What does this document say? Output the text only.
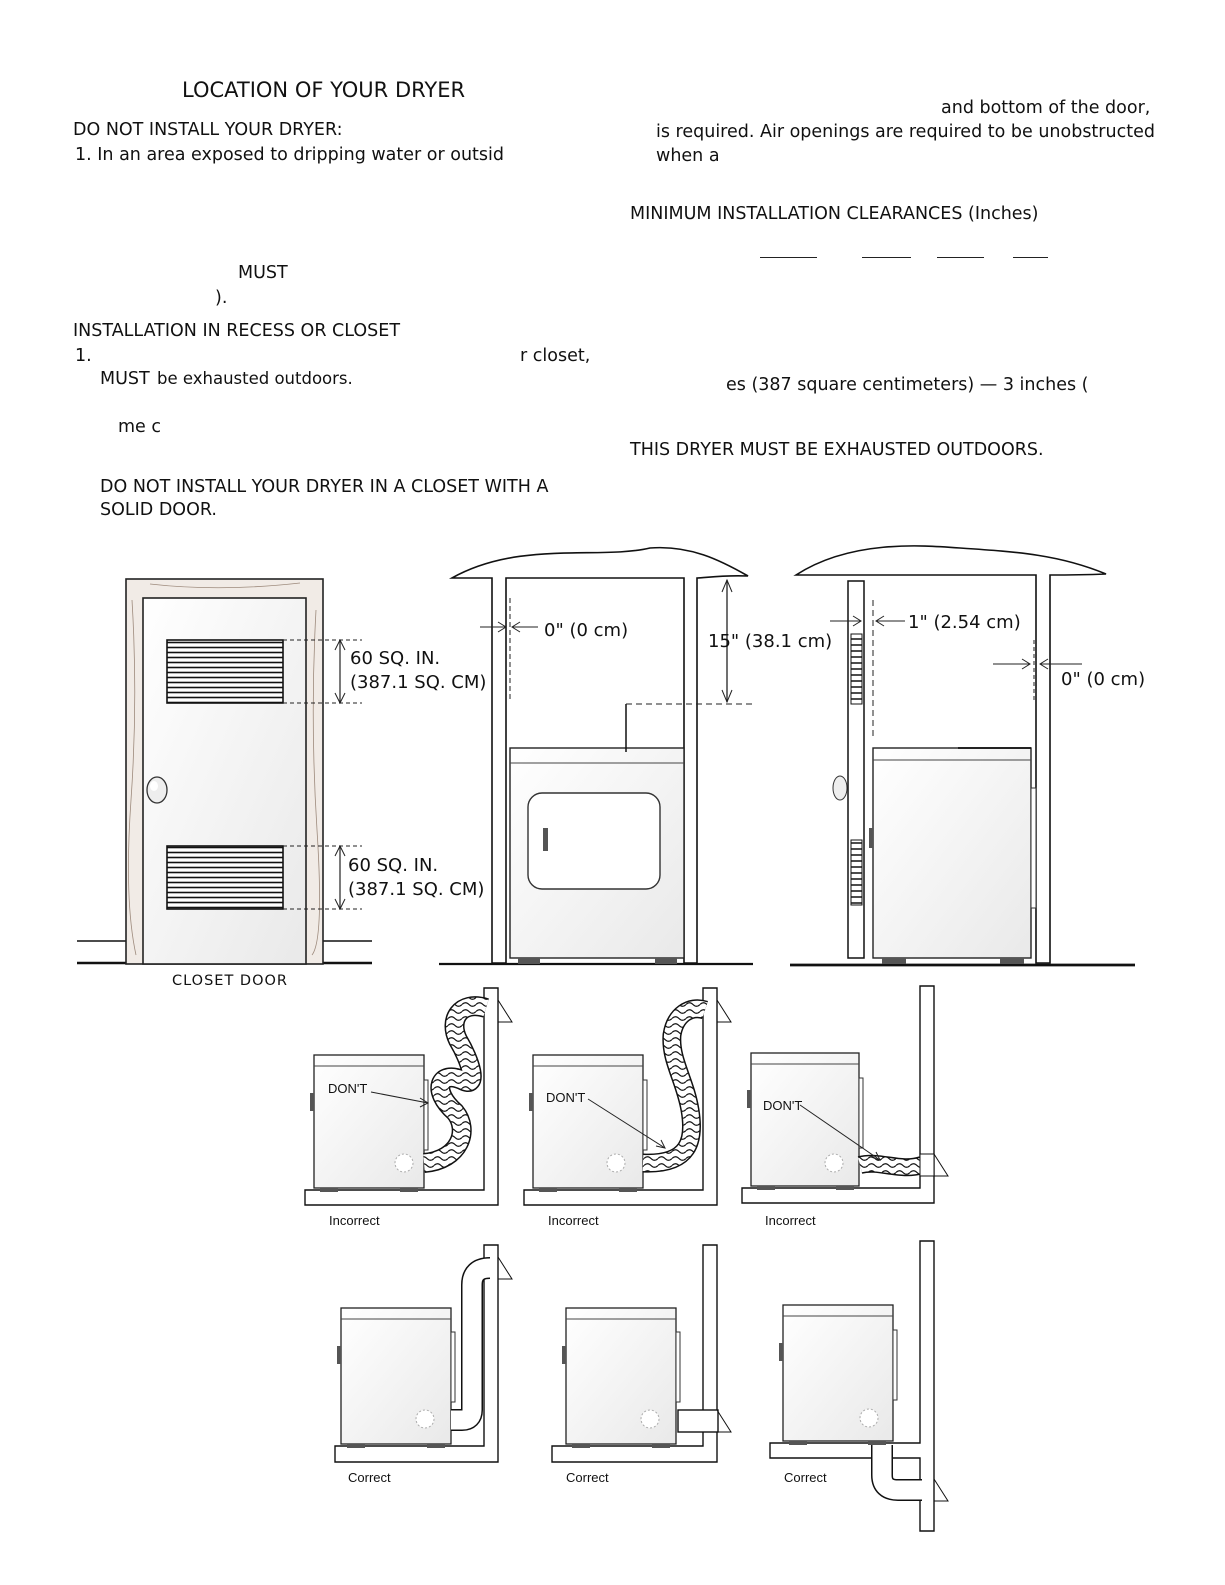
LOCATION OF YOUR DRYER
DO NOT INSTALL YOUR DRYER:
1. In an area exposed to dripping water or outsid
MUST
).
INSTALLATION IN RECESS OR CLOSET
1.	r closet,
MUST be exhausted outdoors.
me c
DO NOT INSTALL YOUR DRYER IN A CLOSET WITH A
SOLID DOOR.
and bottom of the door,
is required. Air openings are required to be unobstructed
when a
MINIMUM INSTALLATION CLEARANCES (Inches)
es (387 square centimeters) — 3 inches (
THIS DRYER MUST BE EXHAUSTED OUTDOORS.
60 SQ. IN.
(387.1 SQ. CM)
60 SQ. IN.
(387.1 SQ. CM)
CLOSET DOOR
0" (0 cm)
15" (38.1 cm)
1" (2.54 cm)
0" (0 cm)
DON'T
DON'T
DON'T
Incorrect	Incorrect	Incorrect
Correct	Correct	Correct
